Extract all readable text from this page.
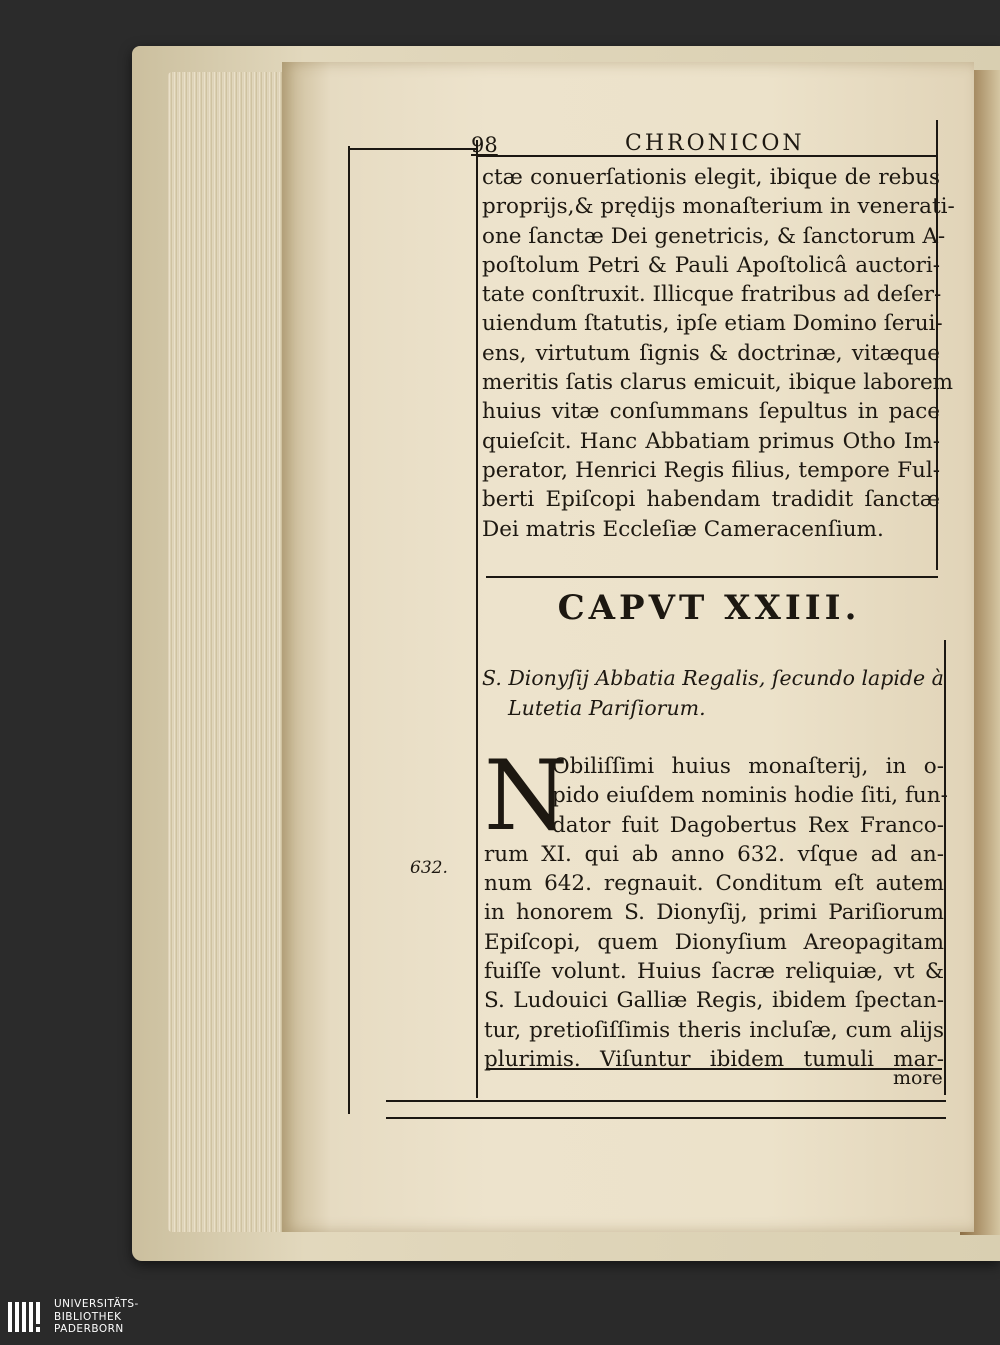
98	CHRONICON
ctæ conuerſationis elegit, ibique de rebus
proprijs,& prędijs monaſterium in venerati-
one ſanctæ Dei genetricis, & ſanctorum A-
poſtolum Petri & Pauli Apoſtolicâ auctori-
tate conſtruxit. Illicque fratribus ad deſer-
uiendum ſtatutis, ipſe etiam Domino ſerui-
ens, virtutum ſignis & doctrinæ, vitæque
meritis ſatis clarus emicuit, ibique laborem
huius vitæ conſummans ſepultus in pace
quieſcit. Hanc Abbatiam primus Otho Im-
perator, Henrici Regis filius, tempore Ful-
berti Epiſcopi habendam tradidit ſanctæ
Dei matris Eccleſiæ Cameracenſium.
CAPVT XXIII.
S. Dionyſij Abbatia Regalis, ſecundo lapide à
Lutetia Pariſiorum.
N
Obiliſſimi huius monaſterij, in o-
pido eiuſdem nominis hodie ſiti, fun-
dator fuit Dagobertus Rex Franco-
rum XI. qui ab anno 632. vſque ad an-
num 642. regnauit. Conditum eſt autem
in honorem S. Dionyſij, primi Pariſiorum
Epiſcopi, quem Dionyſium Areopagitam
fuiſſe volunt. Huius ſacræ reliquiæ, vt &
S. Ludouici Galliæ Regis, ibidem ſpectan-
tur, pretioſiſſimis theris incluſæ, cum alijs
plurimis. Viſuntur ibidem tumuli mar-
632.
more
UNIVERSITÄTS-
BIBLIOTHEK
PADERBORN
